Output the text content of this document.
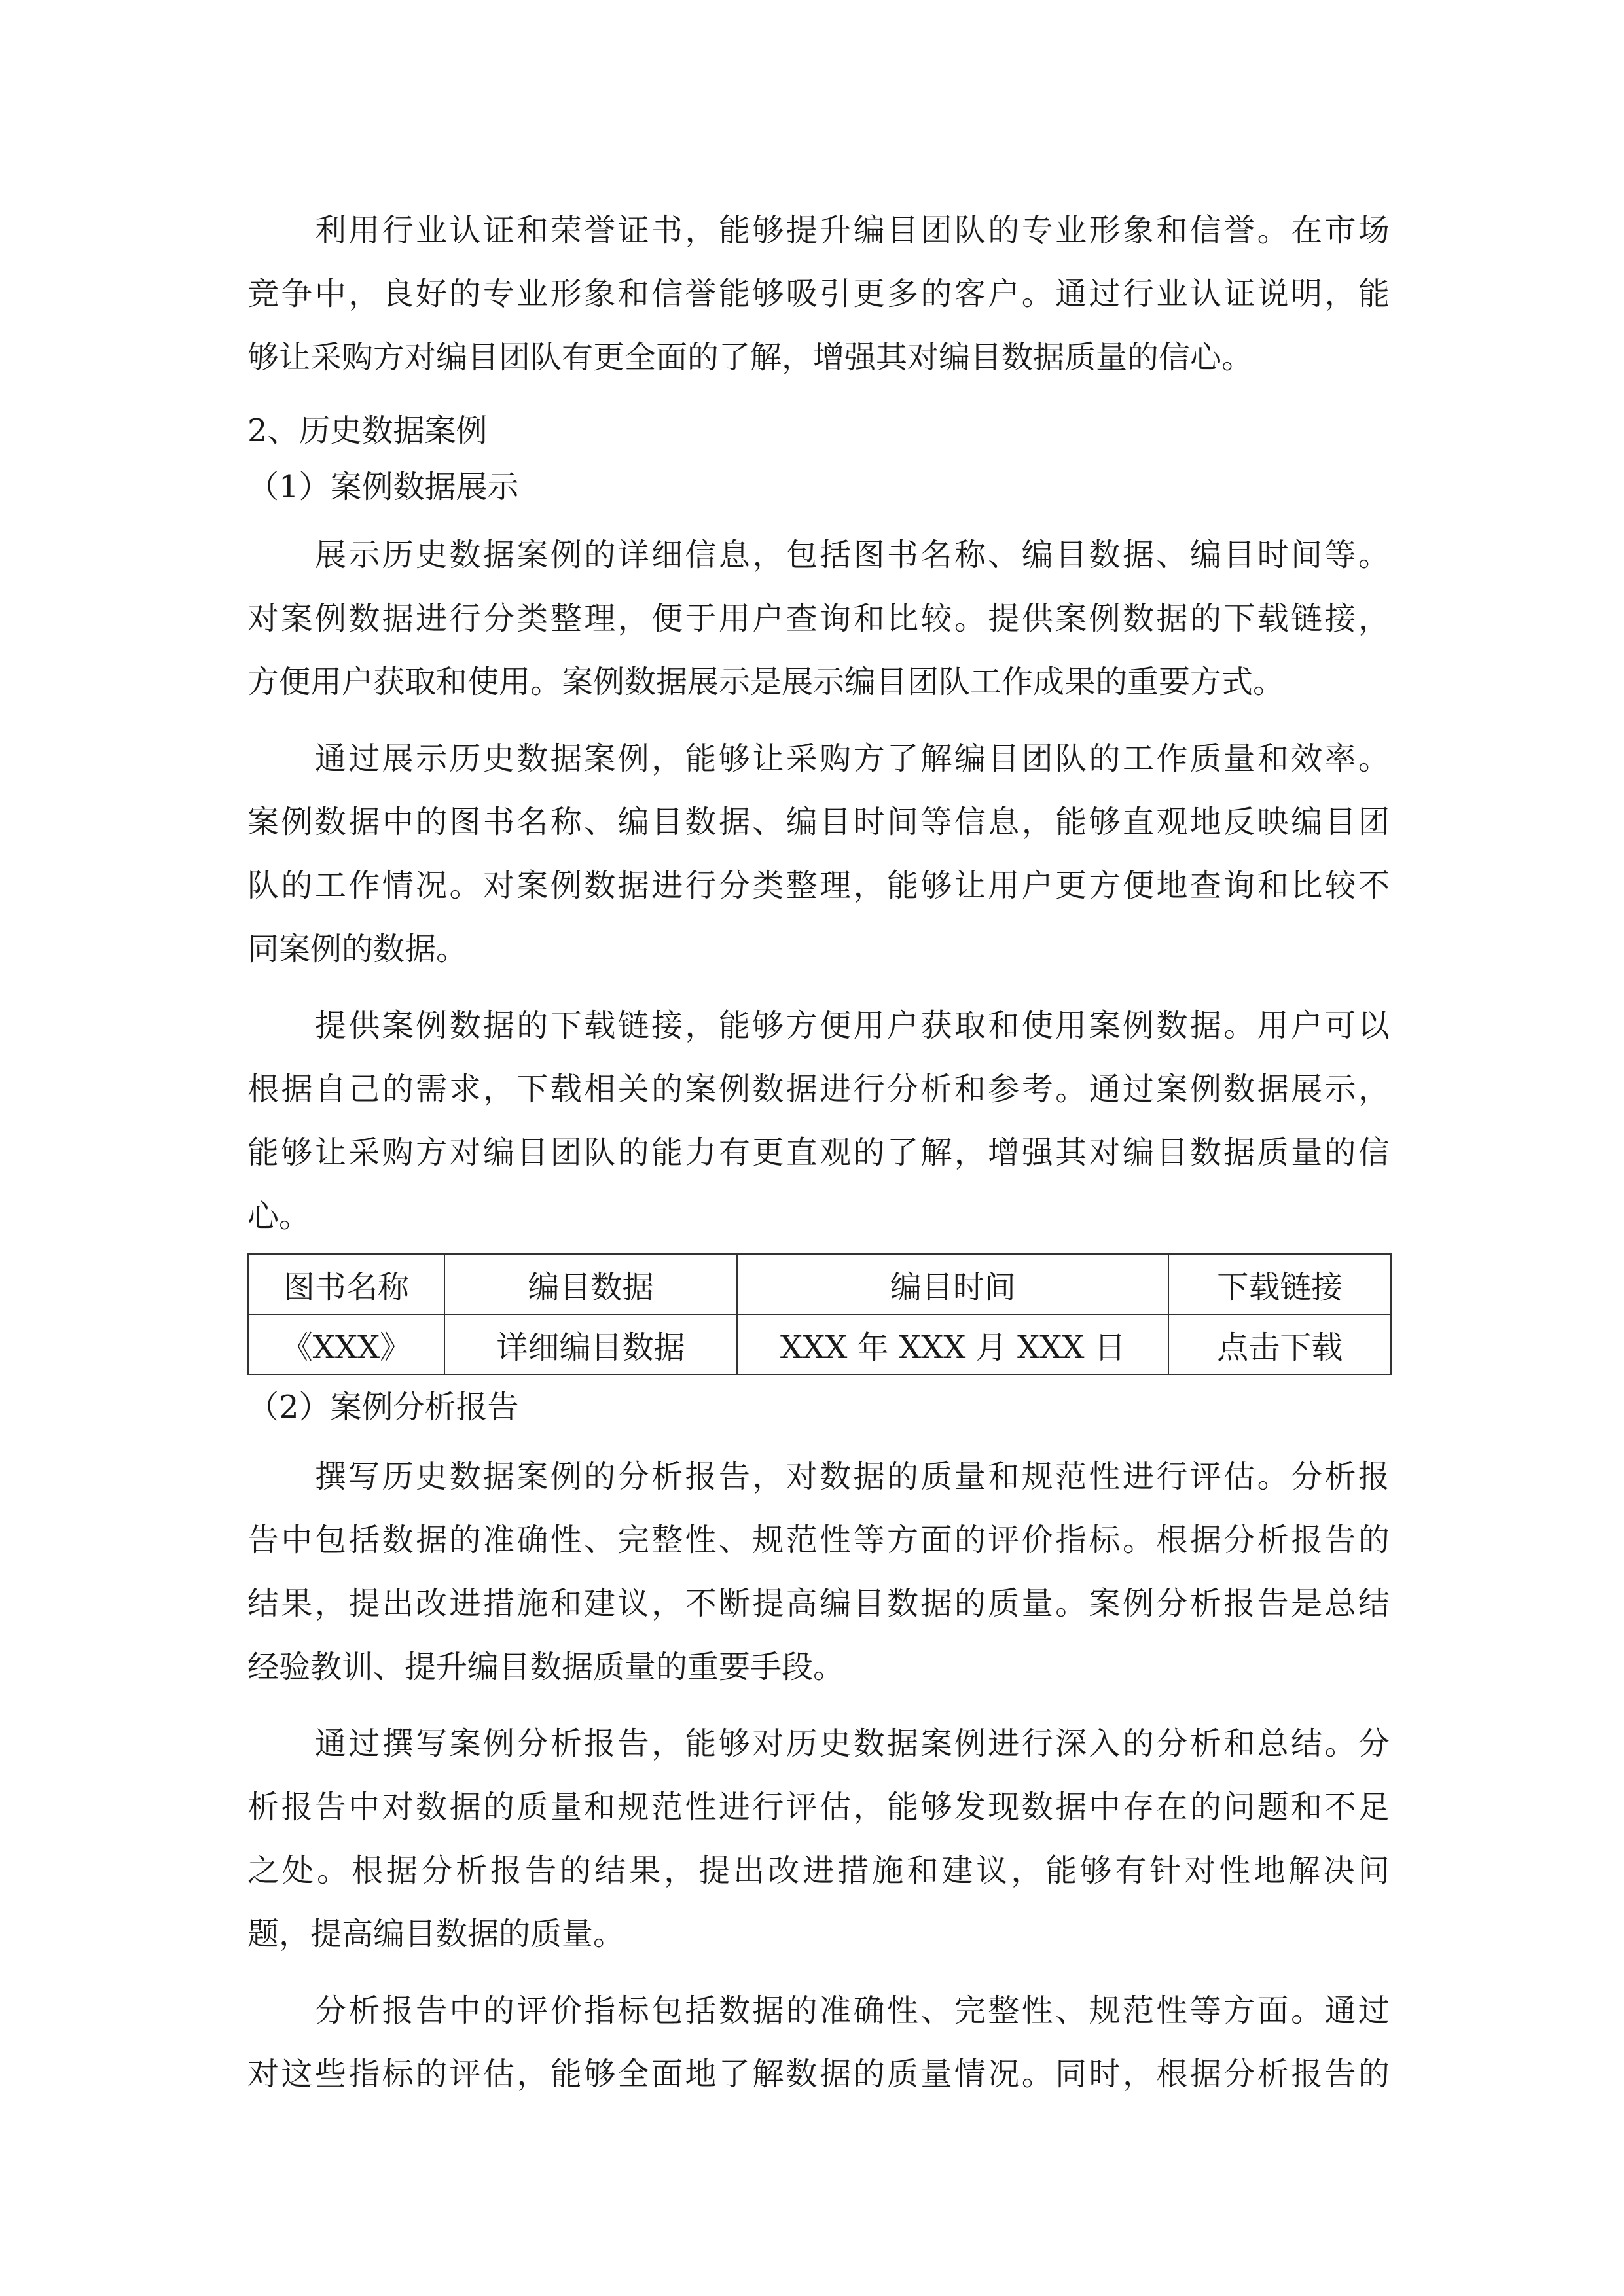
利 用 行 业 认 证 和 荣 誉 证 书 ， 能 够 提 升 编 目 团 队 的 专 业 形 象 和 信 誉 。 在 市 场
竞 争 中 ， 良 好 的 专 业 形 象 和 信 誉 能 够 吸 引 更 多 的 客 户 。 通 过 行 业 认 证 说 明 ， 能
够让采购方对编目团队有更全面的了解，增强其对编目数据质量的信心。
2、历史数据案例
（1）案例数据展示

展 示 历 史 数 据 案 例 的 详 细 信 息 ， 包 括 图 书 名 称 、 编 目 数 据 、 编 目 时 间 等 。
对 案 例 数 据 进 行 分 类 整 理 ， 便 于 用 户 查 询 和 比 较 。 提 供 案 例 数 据 的 下 载 链 接 ，
方便用户获取和使用。案例数据展示是展示编目团队工作成果的重要方式。

通 过 展 示 历 史 数 据 案 例 ， 能 够 让 采 购 方 了 解 编 目 团 队 的 工 作 质 量 和 效 率 。
案 例 数 据 中 的 图 书 名 称 、 编 目 数 据 、 编 目 时 间 等 信 息 ， 能 够 直 观 地 反 映 编 目 团
队 的 工 作 情 况 。 对 案 例 数 据 进 行 分 类 整 理 ， 能 够 让 用 户 更 方 便 地 查 询 和 比 较 不
同案例的数据。

提 供 案 例 数 据 的 下 载 链 接 ， 能 够 方 便 用 户 获 取 和 使 用 案 例 数 据 。 用 户 可 以
根 据 自 己 的 需 求 ， 下 载 相 关 的 案 例 数 据 进 行 分 析 和 参 考 。 通 过 案 例 数 据 展 示 ，
能 够 让 采 购 方 对 编 目 团 队 的 能 力 有 更 直 观 的 了 解 ， 增 强 其 对 编 目 数 据 质 量 的 信
心。
图书名称	编目数据	编目时间	下载链接
《XXX》	详细编目数据	XXX 年 XXX 月 XXX 日	点击下载
（2）案例分析报告

撰 写 历 史 数 据 案 例 的 分 析 报 告 ， 对 数 据 的 质 量 和 规 范 性 进 行 评 估 。 分 析 报
告 中 包 括 数 据 的 准 确 性 、 完 整 性 、 规 范 性 等 方 面 的 评 价 指 标 。 根 据 分 析 报 告 的
结 果 ， 提 出 改 进 措 施 和 建 议 ， 不 断 提 高 编 目 数 据 的 质 量 。 案 例 分 析 报 告 是 总 结
经验教训、提升编目数据质量的重要手段。

通 过 撰 写 案 例 分 析 报 告 ， 能 够 对 历 史 数 据 案 例 进 行 深 入 的 分 析 和 总 结 。 分
析 报 告 中 对 数 据 的 质 量 和 规 范 性 进 行 评 估 ， 能 够 发 现 数 据 中 存 在 的 问 题 和 不 足
之 处 。 根 据 分 析 报 告 的 结 果 ， 提 出 改 进 措 施 和 建 议 ， 能 够 有 针 对 性 地 解 决 问
题，提高编目数据的质量。

分 析 报 告 中 的 评 价 指 标 包 括 数 据 的 准 确 性 、 完 整 性 、 规 范 性 等 方 面 。 通 过
对 这 些 指 标 的 评 估 ， 能 够 全 面 地 了 解 数 据 的 质 量 情 况 。 同 时 ， 根 据 分 析 报 告 的
